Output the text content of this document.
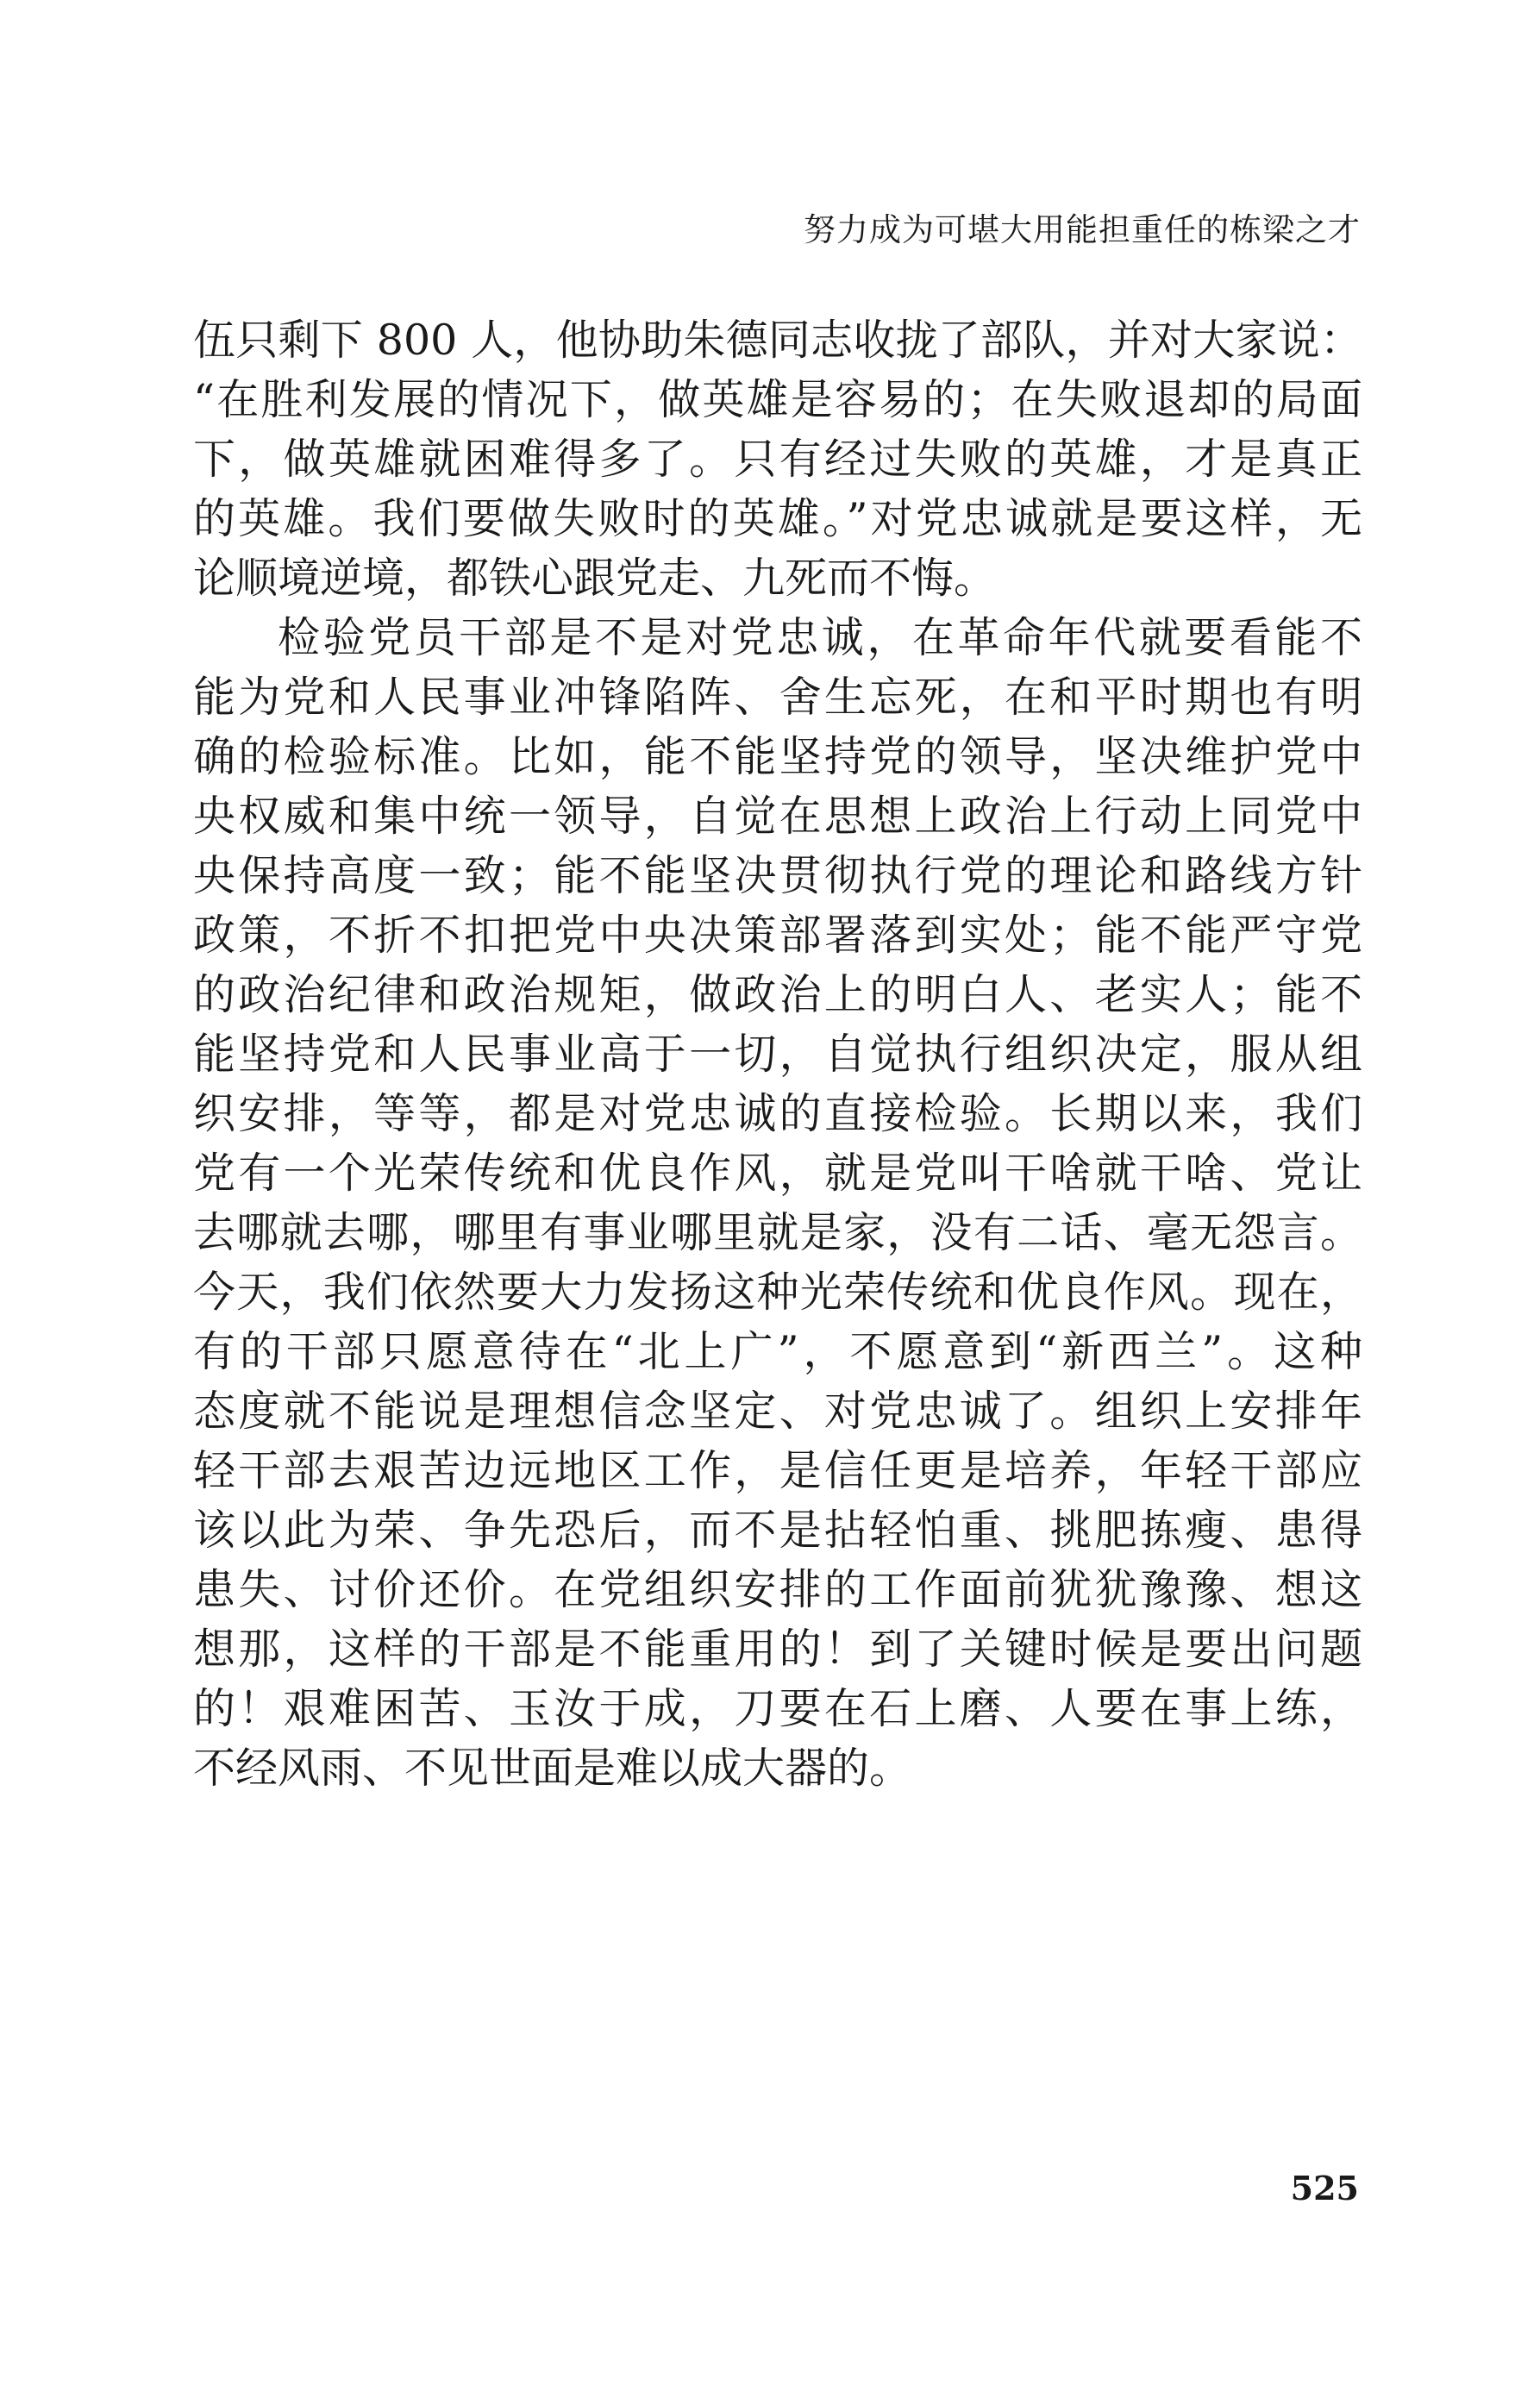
努力成为可堪大用能担重任的栋梁之才
伍只剩下 800 人，他协助朱德同志收拢了部队，并对大家说：
“在胜利发展的情况下，做英雄是容易的；在失败退却的局面
下，做英雄就困难得多了。只有经过失败的英雄，才是真正
的英雄。我们要做失败时的英雄。”对党忠诚就是要这样，无
论顺境逆境，都铁心跟党走、九死而不悔。
检验党员干部是不是对党忠诚，在革命年代就要看能不
能为党和人民事业冲锋陷阵、舍生忘死，在和平时期也有明
确的检验标准。比如，能不能坚持党的领导，坚决维护党中
央权威和集中统一领导，自觉在思想上政治上行动上同党中
央保持高度一致；能不能坚决贯彻执行党的理论和路线方针
政策，不折不扣把党中央决策部署落到实处；能不能严守党
的政治纪律和政治规矩，做政治上的明白人、老实人；能不
能坚持党和人民事业高于一切，自觉执行组织决定，服从组
织安排，等等，都是对党忠诚的直接检验。长期以来，我们
党有一个光荣传统和优良作风，就是党叫干啥就干啥、党让
去哪就去哪，哪里有事业哪里就是家，没有二话、毫无怨言。
今天，我们依然要大力发扬这种光荣传统和优良作风。现在，
有的干部只愿意待在“北上广”，不愿意到“新西兰”。这种
态度就不能说是理想信念坚定、对党忠诚了。组织上安排年
轻干部去艰苦边远地区工作，是信任更是培养，年轻干部应
该以此为荣、争先恐后，而不是拈轻怕重、挑肥拣瘦、患得
患失、讨价还价。在党组织安排的工作面前犹犹豫豫、想这
想那，这样的干部是不能重用的！到了关键时候是要出问题
的！艰难困苦、玉汝于成，刀要在石上磨、人要在事上练，
不经风雨、不见世面是难以成大器的。
525
